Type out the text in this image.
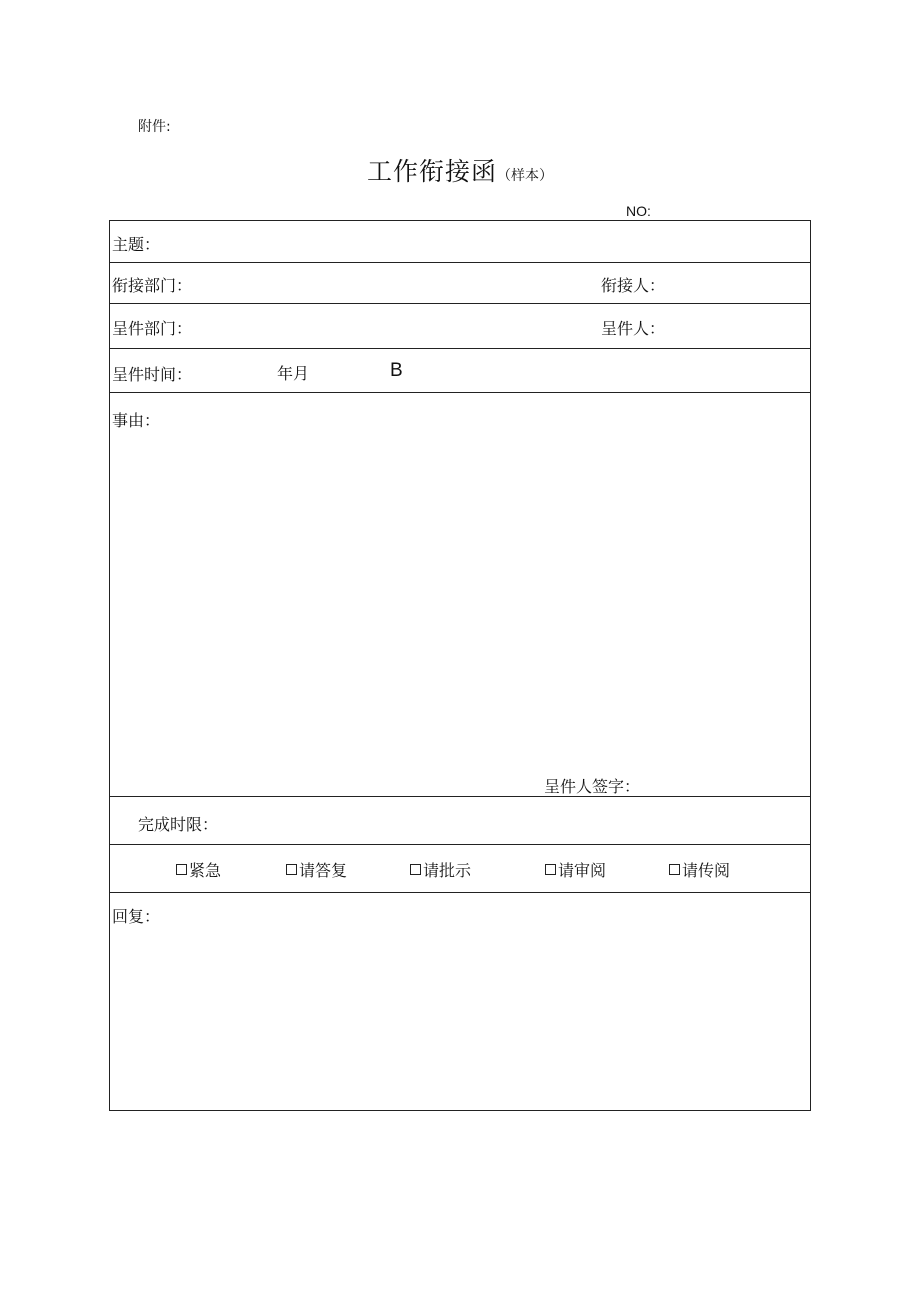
附件:
工作衔接函（样本）
NO:
主题：
衔接部门：	衔接人：
呈件部门：	呈件人：
呈件时间：	年月	B
事由：
呈件人签字：
完成时限：
紧急	请答复	请批示	请审阅	请传阅
回复：
